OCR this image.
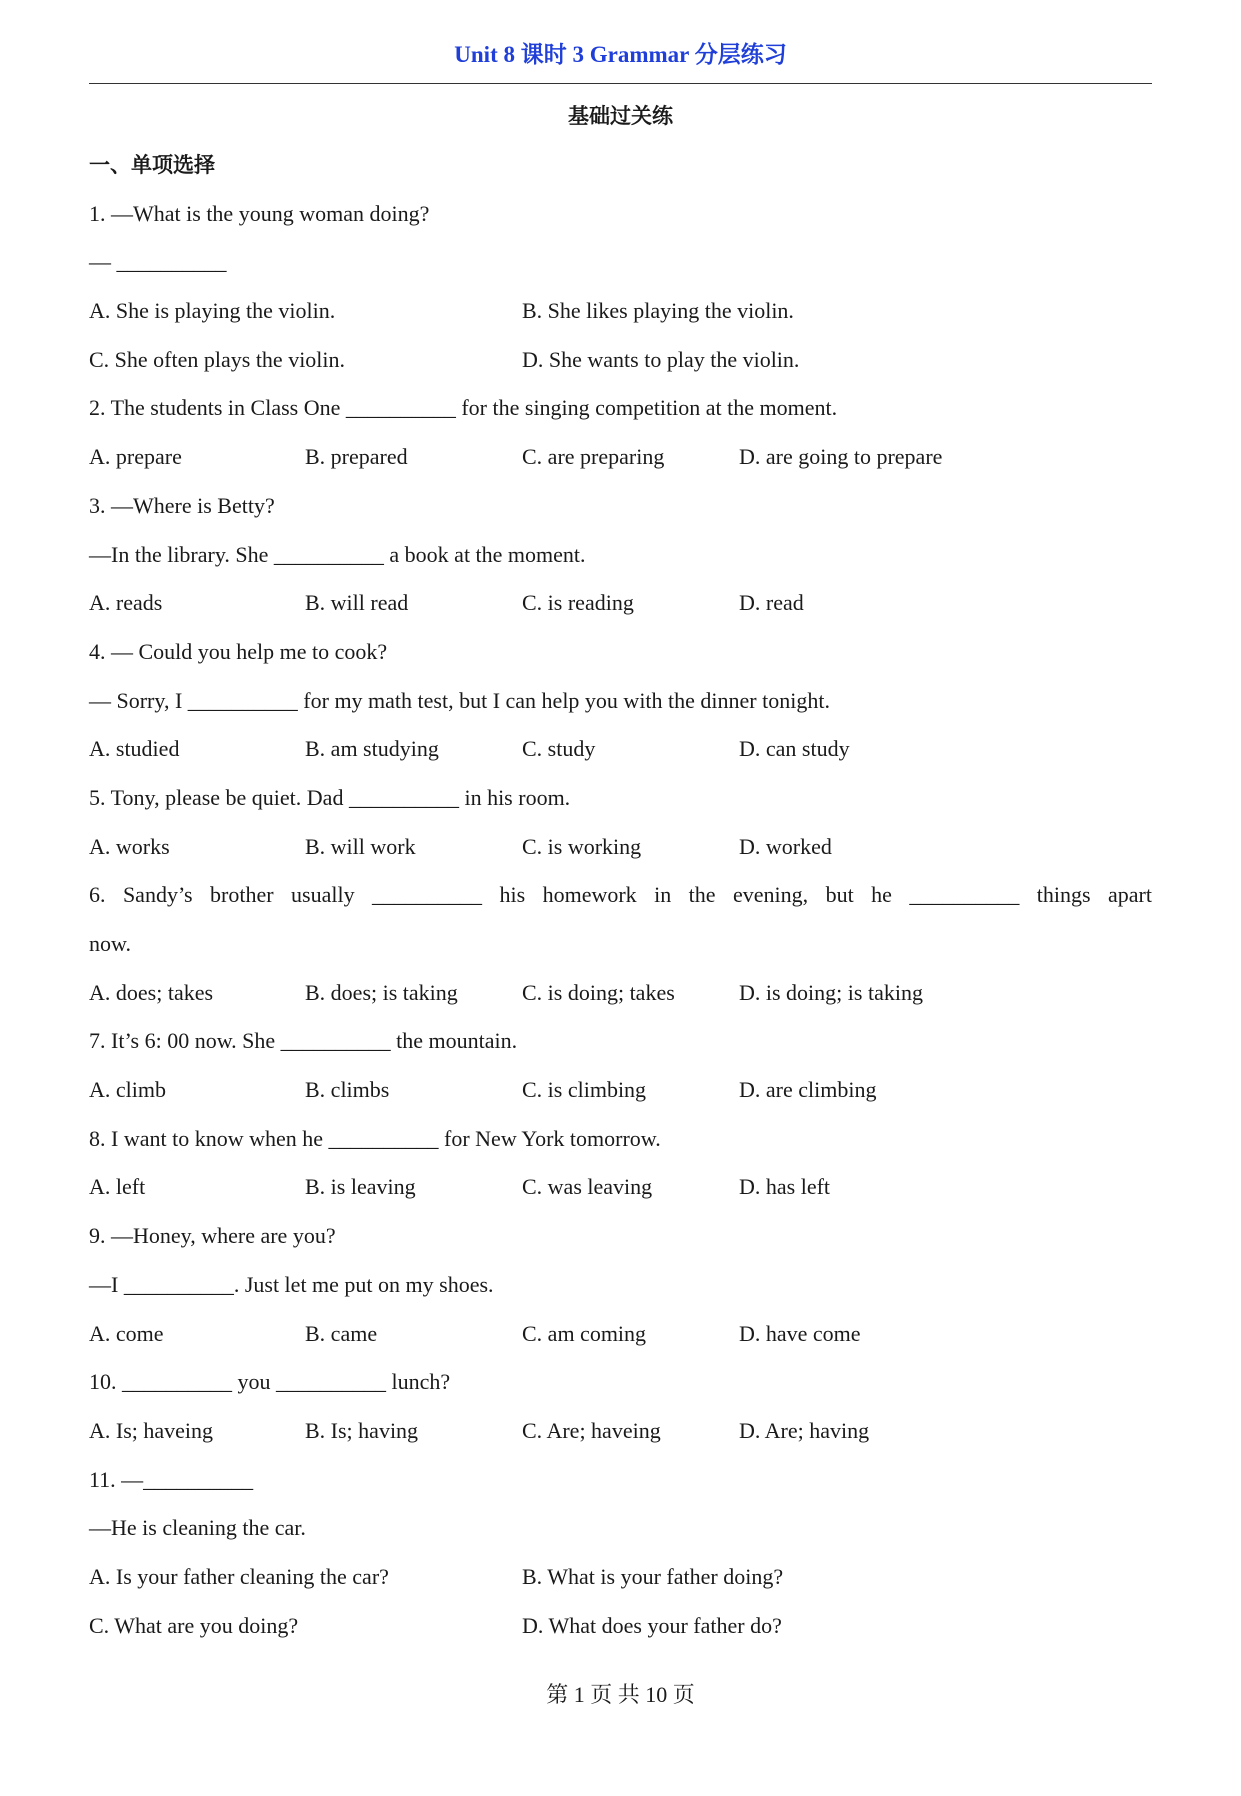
Unit 8 课时 3 Grammar 分层练习
基础过关练
一、单项选择
1. —What is the young woman doing?
— __________

A. She is playing the violin.

	B. She likes playing the violin.

C. She often plays the violin.

	D. She wants to play the violin.

2. The students in Class One __________ for the singing competition at the moment.

A. prepare

	B. prepared

	C. are preparing

	D. are going to prepare

3. —Where is Betty?
—In the library. She __________ a book at the moment.

A. reads

	B. will read

	C. is reading

	D. read

4. — Could you help me to cook?
— Sorry, I __________ for my math test, but I can help you with the dinner tonight.

A. studied

	B. am studying

	C. study

	D. can study

5. Tony, please be quiet. Dad __________ in his room.

A. works

	B. will work

	C. is working

	D. worked

6. Sandy’s brother usually __________ his homework in the evening, but he __________ things apart
now.

A. does; takes

	B. does; is taking

	C. is doing; takes

	D. is doing; is taking

7. It’s 6: 00 now. She __________ the mountain.

A. climb

	B. climbs

	C. is climbing

	D. are climbing

8. I want to know when he __________ for New York tomorrow.

A. left

	B. is leaving

	C. was leaving

	D. has left

9. —Honey, where are you?
—I __________. Just let me put on my shoes.

A. come

	B. came

	C. am coming

	D. have come

10. __________ you __________ lunch?

A. Is; haveing

	B. Is; having

	C. Are; haveing

	D. Are; having

11. —__________
—He is cleaning the car.

A. Is your father cleaning the car?

	B. What is your father doing?

C. What are you doing?

	D. What does your father do?

第 1 页 共 10 页
